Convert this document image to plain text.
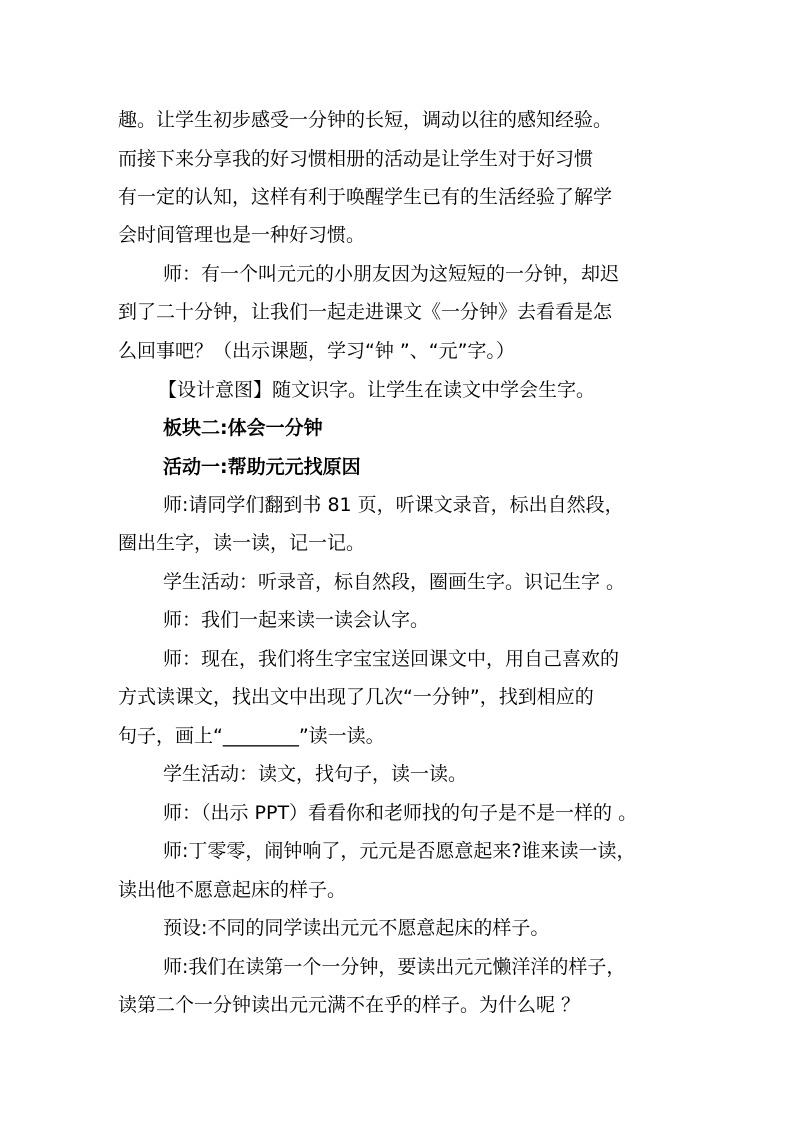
趣。让学生初步感受一分钟的长短，调动以往的感知经验。
而接下来分享我的好习惯相册的活动是让学生对于好习惯
有一定的认知，这样有利于唤醒学生已有的生活经验了解学
会时间管理也是一种好习惯。
师：有一个叫元元的小朋友因为这短短的一分钟，却迟
到了二十分钟，让我们一起走进课文《一分钟》去看看是怎
么回事吧？（出示课题，学习“钟 ”、“元”字。）
【设计意图】随文识字。让学生在读文中学会生字。
板块二:体会一分钟
活动一:帮助元元找原因
师:请同学们翻到书 81 页，听课文录音，标出自然段，
圈出生字，读一读，记一记。
学生活动：听录音，标自然段，圈画生字。识记生字 。
师：我们一起来读一读会认字。
师：现在，我们将生字宝宝送回课文中，用自己喜欢的
方式读课文，找出文中出现了几次“一分钟”，找到相应的
句子，画上“________”读一读。
学生活动：读文，找句子，读一读。
师：（出示 PPT）看看你和老师找的句子是不是一样的 。
师:丁零零，闹钟响了，元元是否愿意起来?谁来读一读，
读出他不愿意起床的样子。
预设:不同的同学读出元元不愿意起床的样子。
师:我们在读第一个一分钟，要读出元元懒洋洋的样子，
读第二个一分钟读出元元满不在乎的样子。为什么呢 ？
